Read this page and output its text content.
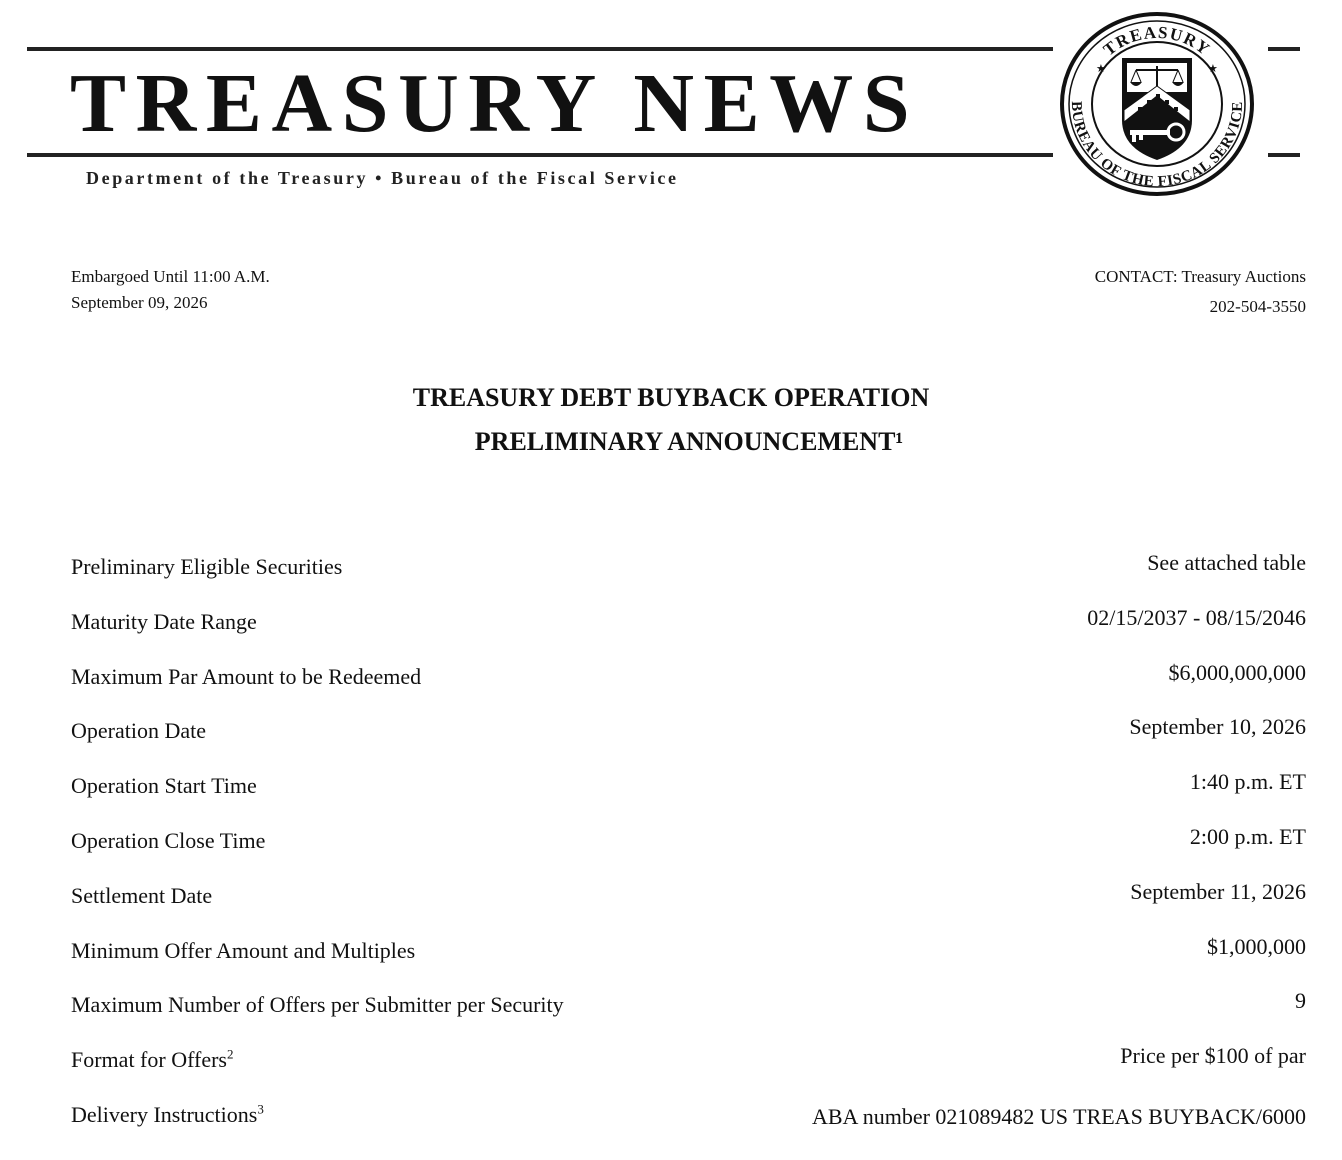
TREASURY NEWS
Department of the Treasury • Bureau of the Fiscal Service
TREASURY
BUREAU OF THE FISCAL SERVICE
★	★
Embargoed Until 11:00 A.M.
September 09, 2026
CONTACT: Treasury Auctions
202-504-3550
TREASURY DEBT BUYBACK OPERATION
PRELIMINARY ANNOUNCEMENT¹
Preliminary Eligible Securities	See attached table
Maturity Date Range	02/15/2037 - 08/15/2046
Maximum Par Amount to be Redeemed	$6,000,000,000
Operation Date	September 10, 2026
Operation Start Time	1:40 p.m. ET
Operation Close Time	2:00 p.m. ET
Settlement Date	September 11, 2026
Minimum Offer Amount and Multiples	$1,000,000
Maximum Number of Offers per Submitter per Security	9
Format for Offers$^2$	Price per $100 of par
Delivery Instructions$^3$	ABA number 021089482 US TREAS BUYBACK/6000
